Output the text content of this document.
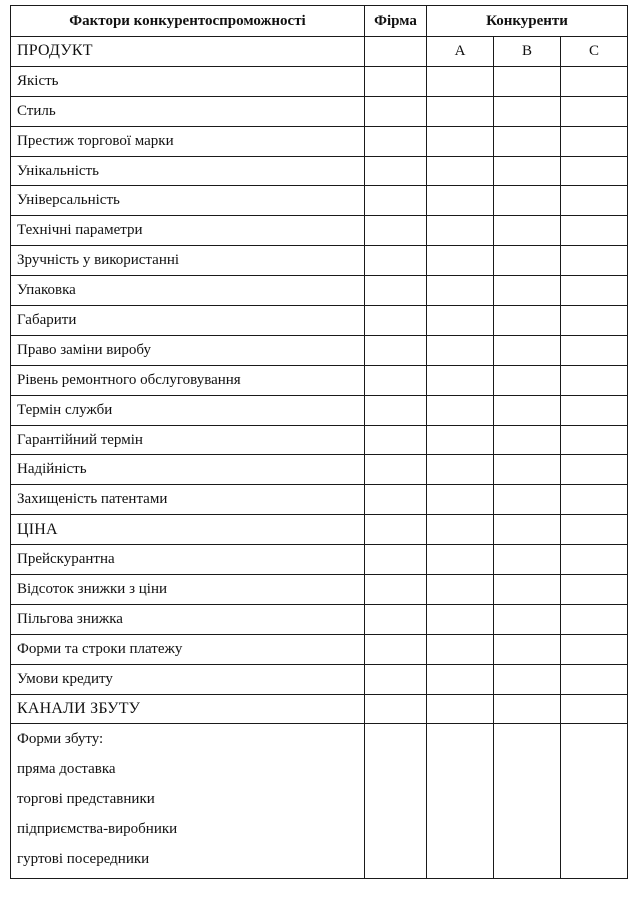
Фактори конкурентоспроможності	Фірма	Конкуренти		
ПРОДУКТ		А	В	С
Якість				
Стиль				
Престиж торгової марки				
Унікальність				
Універсальність				
Технічні параметри				
Зручність у використанні				
Упаковка				
Габарити				
Право заміни виробу				
Рівень ремонтного обслуговування				
Термін служби				
Гарантійний термін				
Надійність				
Захищеність патентами				
ЦІНА				
Прейскурантна				
Відсоток знижки з ціни				
Пільгова знижка				
Форми та строки платежу				
Умови кредиту				
КАНАЛИ ЗБУТУ				

Форми збуту:
пряма доставка
торгові представники
підприємства-виробники
гуртові посередники				
